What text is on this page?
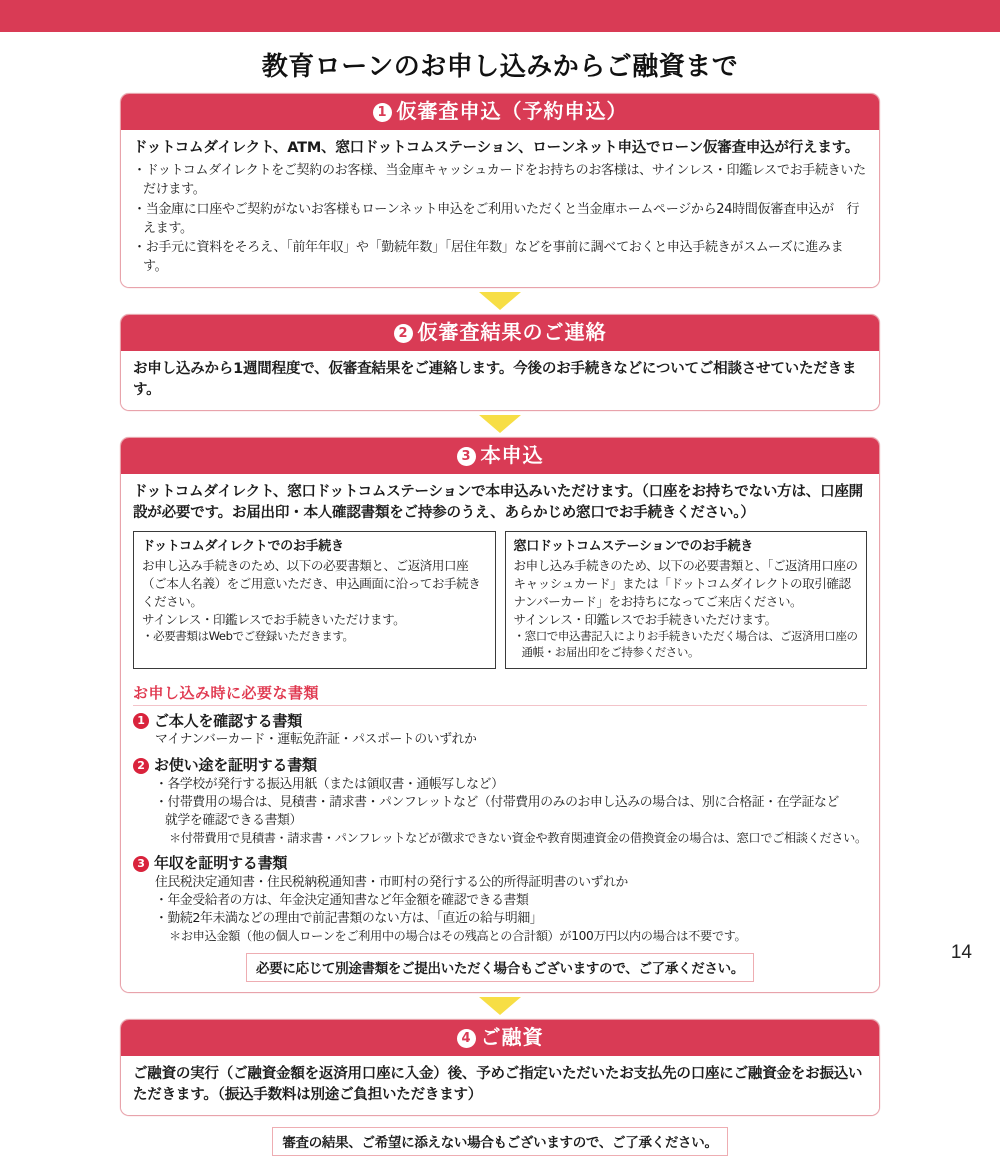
教育ローンのお申し込みからご融資まで
1 仮審査申込（予約申込）

ドットコムダイレクト、ATM、窓口ドットコムステーション、ローンネット申込でローン仮審査申込が行えます。

・ドットコムダイレクトをご契約のお客様、当金庫キャッシュカードをお持ちのお客様は、サインレス・印鑑レスでお手続きいただけます。
・当金庫に口座やご契約がないお客様もローンネット申込をご利用いただくと当金庫ホームページから24時間仮審査申込が　行えます。
・お手元に資料をそろえ、「前年年収」や「勤続年数」「居住年数」などを事前に調べておくと申込手続きがスムーズに進みます。
2 仮審査結果のご連絡

お申し込みから1週間程度で、仮審査結果をご連絡します。今後のお手続きなどについてご相談させていただきます。

3 本申込

ドットコムダイレクト、窓口ドットコムステーションで本申込みいただけます。（口座をお持ちでない方は、口座開設が必要です。お届出印・本人確認書類をご持参のうえ、あらかじめ窓口でお手続きください。）

ドットコムダイレクトでのお手続き

お申し込み手続きのため、以下の必要書類と、ご返済用口座（ご本人名義）をご用意いただき、申込画面に沿ってお手続きください。

サインレス・印鑑レスでお手続きいただけます。

・必要書類はWebでご登録いただきます。

窓口ドットコムステーションでのお手続き

お申し込み手続きのため、以下の必要書類と、「ご返済用口座のキャッシュカード」または「ドットコムダイレクトの取引確認ナンバーカード」をお持ちになってご来店ください。

サインレス・印鑑レスでお手続きいただけます。

・窓口で申込書記入によりお手続きいただく場合は、ご返済用口座の　通帳・お届出印をご持参ください。

お申し込み時に必要な書類
1 ご本人を確認する書類
マイナンバーカード・運転免許証・パスポートのいずれか
2 お使い途を証明する書類
・各学校が発行する振込用紙（または領収書・通帳写しなど）
・付帯費用の場合は、見積書・請求書・パンフレットなど（付帯費用のみのお申し込みの場合は、別に合格証・在学証など
就学を確認できる書類）
＊付帯費用で見積書・請求書・パンフレットなどが徴求できない資金や教育関連資金の借換資金の場合は、窓口でご相談ください。
3 年収を証明する書類
住民税決定通知書・住民税納税通知書・市町村の発行する公的所得証明書のいずれか
・年金受給者の方は、年金決定通知書など年金額を確認できる書類
・勤続2年未満などの理由で前記書類のない方は、「直近の給与明細」
＊お申込金額（他の個人ローンをご利用中の場合はその残高との合計額）が100万円以内の場合は不要です。
必要に応じて別途書類をご提出いただく場合もございますので、ご了承ください。
4 ご融資

ご融資の実行（ご融資金額を返済用口座に入金）後、予めご指定いただいたお支払先の口座にご融資金をお振込いただきます。（振込手数料は別途ご負担いただきます）

審査の結果、ご希望に添えない場合もございますので、ご了承ください。
14
